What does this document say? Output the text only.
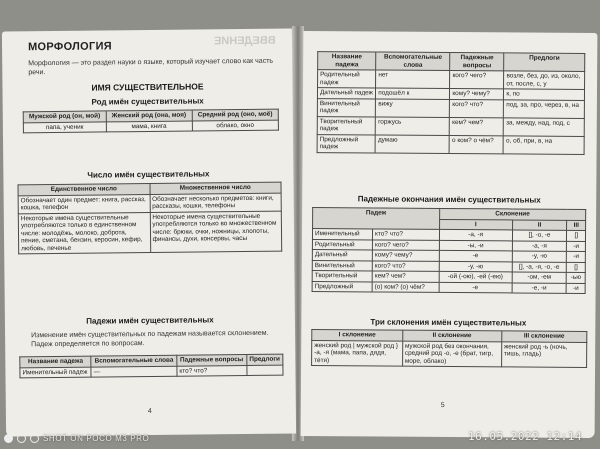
ВВЕДЕНИЕ
МОРФОЛОГИЯ
Морфология — это раздел науки о языке, который изучает слово как часть речи.
ИМЯ СУЩЕСТВИТЕЛЬНОЕ
Род имён существительных
Мужской род (он, мой)	Женский род (она, моя)	Средний род (оно, моё)
папа, ученик	мама, книга	облако, окно
Число имён существительных
Единственное число	Множественное число
Обозначает один предмет: книга, рассказ, кошка, телефон	Обозначает несколько предметов: книги, рассказы, кошки, телефоны
Некоторые имена существительные употребляются только в единственном числе: молодёжь, молоко, доброта, пение, сметана, бензин, керосин, кефир, любовь, печенье	Некоторые имена существительные употребляются только во множественном числе: брюки, очки, ножницы, хлопоты, финансы, духи, консервы, часы
Падежи имён существительных
Изменение имён существительных по падежам называется склонением. Падеж определяется по вопросам.
Название падежа	Вспомогательные слова	Падежные вопросы	Предлоги
Именительный падеж	—	кто? что?	
4
Название падежа	Вспомогательные слова	Падежные вопросы	Предлоги
Родительный падеж	нет	кого? чего?	возле, без, до, из, около, от, после, с, у
Дательный падеж	подошёл к	кому? чему?	к, по
Винительный падеж	вижу	кого? что?	под, за, про, через, в, на
Творительный падеж	горжусь	кем? чем?	за, между, над, под, с
Предложный падеж	думаю	о ком? о чём?	о, об, при, в, на
Падежные окончания имён существительных
Падеж		Склонение		
		I	II	III
Именительный	кто? что?	-а, -я	[], -о, -е	[]
Родительный	кого? чего?	-ы, -и	-а, -я	-и
Дательный	кому? чему?	-е	-у, -ю	-и
Винительный	кого? что?	-у, -ю	[], -а, -я, -о, -е	[]
Творительный	кем? чем?	-ой (-ою), -ей (-ею)	-ом, -ем	-ью
Предложный	(о) ком? (о) чём?	-е	-е, -и	-и
Три склонения имён существительных
I склонение	II склонение	III склонение
женский род | мужской род } -а, -я (мама, папа, дядя, тётя)	мужской род без окончания, средний род -о, -е (брат, тигр, море, облако)	женский род -ь (ночь, тишь, гладь)
5
SHOT ON POCO M3 PRO	16.05.2022 12:14
